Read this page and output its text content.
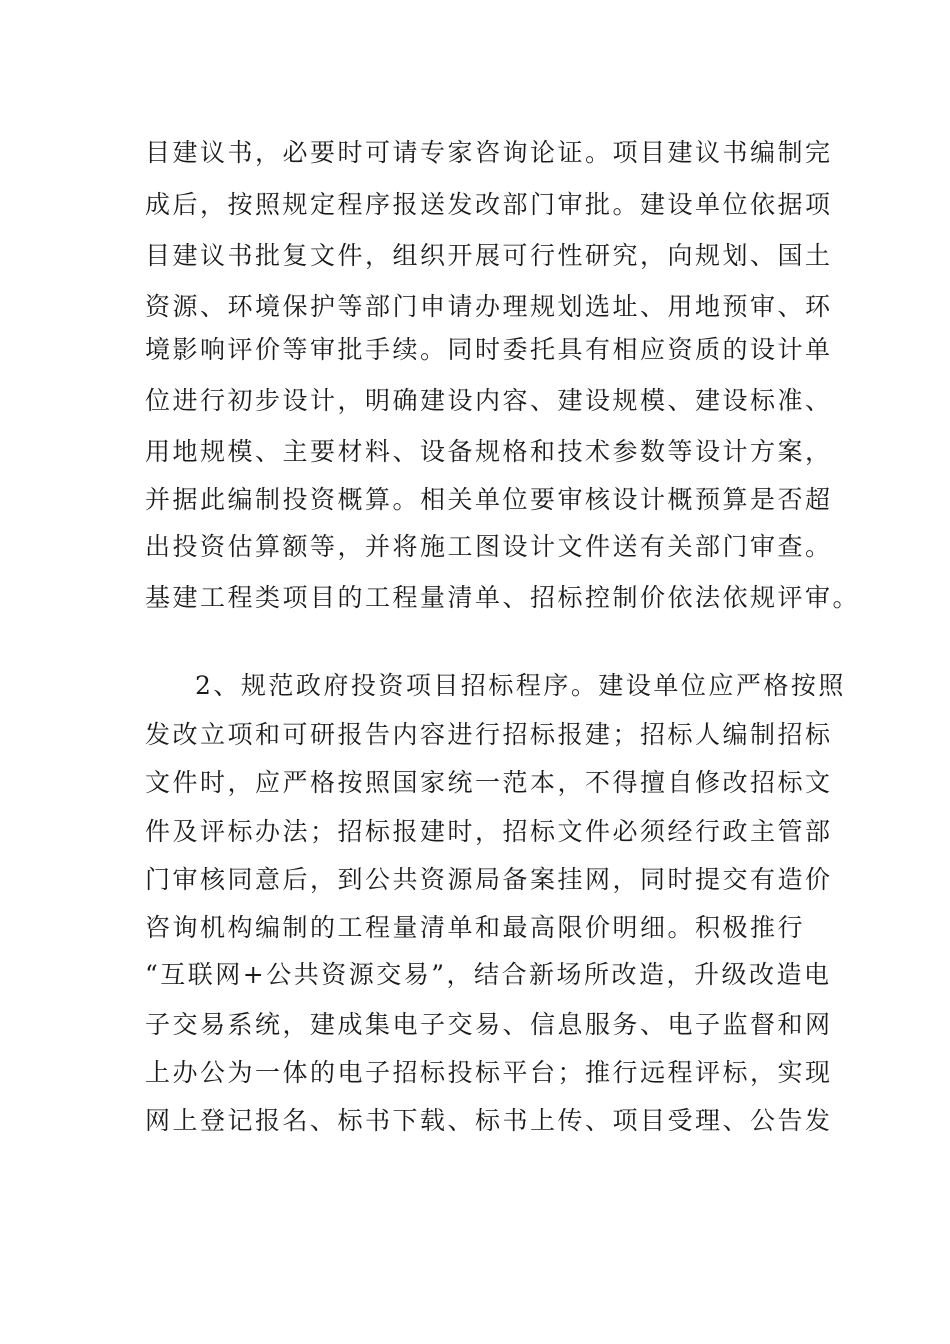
目建议书，必要时可请专家咨询论证。项目建议书编制完
成后，按照规定程序报送发改部门审批。建设单位依据项
目建议书批复文件，组织开展可行性研究，向规划、国土
资源、环境保护等部门申请办理规划选址、用地预审、环
境影响评价等审批手续。同时委托具有相应资质的设计单
位进行初步设计，明确建设内容、建设规模、建设标准、
用地规模、主要材料、设备规格和技术参数等设计方案，
并据此编制投资概算。相关单位要审核设计概预算是否超
出投资估算额等，并将施工图设计文件送有关部门审查。
基建工程类项目的工程量清单、招标控制价依法依规评审。
2、规范政府投资项目招标程序。建设单位应严格按照
发改立项和可研报告内容进行招标报建；招标人编制招标
文件时，应严格按照国家统一范本，不得擅自修改招标文
件及评标办法；招标报建时，招标文件必须经行政主管部
门审核同意后，到公共资源局备案挂网，同时提交有造价
咨询机构编制的工程量清单和最高限价明细。积极推行
“互联网+公共资源交易”，结合新场所改造，升级改造电
子交易系统，建成集电子交易、信息服务、电子监督和网
上办公为一体的电子招标投标平台；推行远程评标，实现
网上登记报名、标书下载、标书上传、项目受理、公告发
